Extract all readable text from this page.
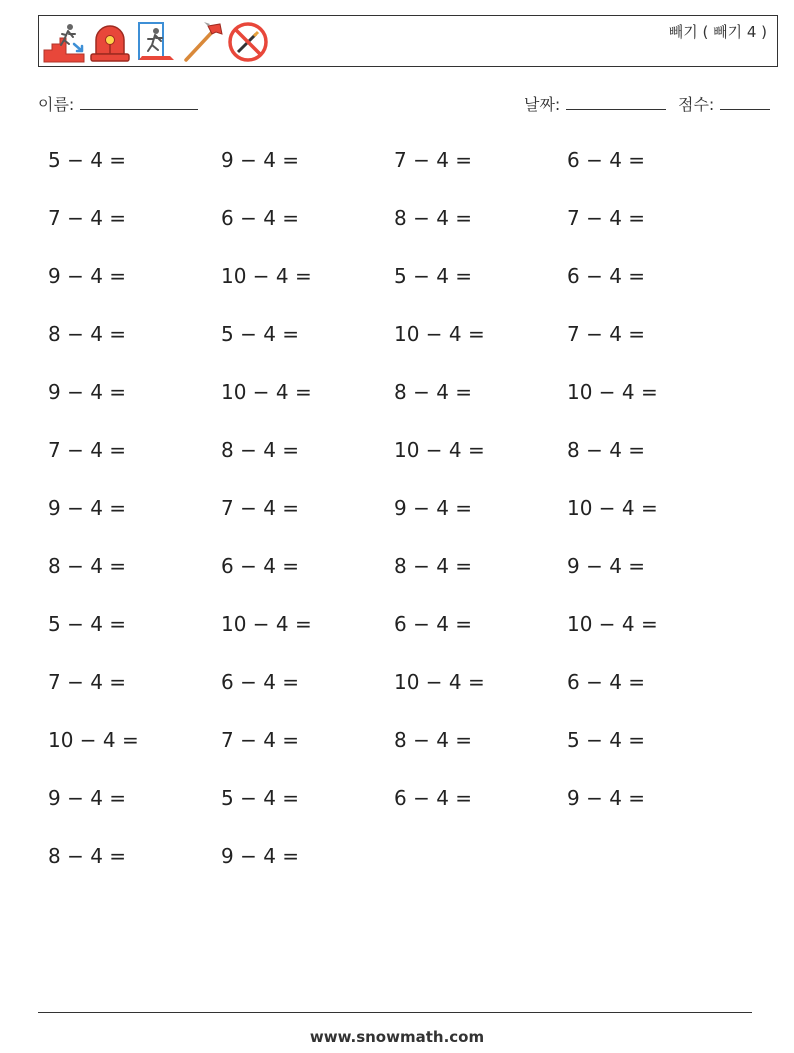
빼기 ( 빼기 4 )
이름:	날짜:	점수:
5 − 4 =	9 − 4 =	7 − 4 =	6 − 4 =
7 − 4 =	6 − 4 =	8 − 4 =	7 − 4 =
9 − 4 =	10 − 4 =	5 − 4 =	6 − 4 =
8 − 4 =	5 − 4 =	10 − 4 =	7 − 4 =
9 − 4 =	10 − 4 =	8 − 4 =	10 − 4 =
7 − 4 =	8 − 4 =	10 − 4 =	8 − 4 =
9 − 4 =	7 − 4 =	9 − 4 =	10 − 4 =
8 − 4 =	6 − 4 =	8 − 4 =	9 − 4 =
5 − 4 =	10 − 4 =	6 − 4 =	10 − 4 =
7 − 4 =	6 − 4 =	10 − 4 =	6 − 4 =
10 − 4 =	7 − 4 =	8 − 4 =	5 − 4 =
9 − 4 =	5 − 4 =	6 − 4 =	9 − 4 =
8 − 4 =	9 − 4 =
www.snowmath.com
